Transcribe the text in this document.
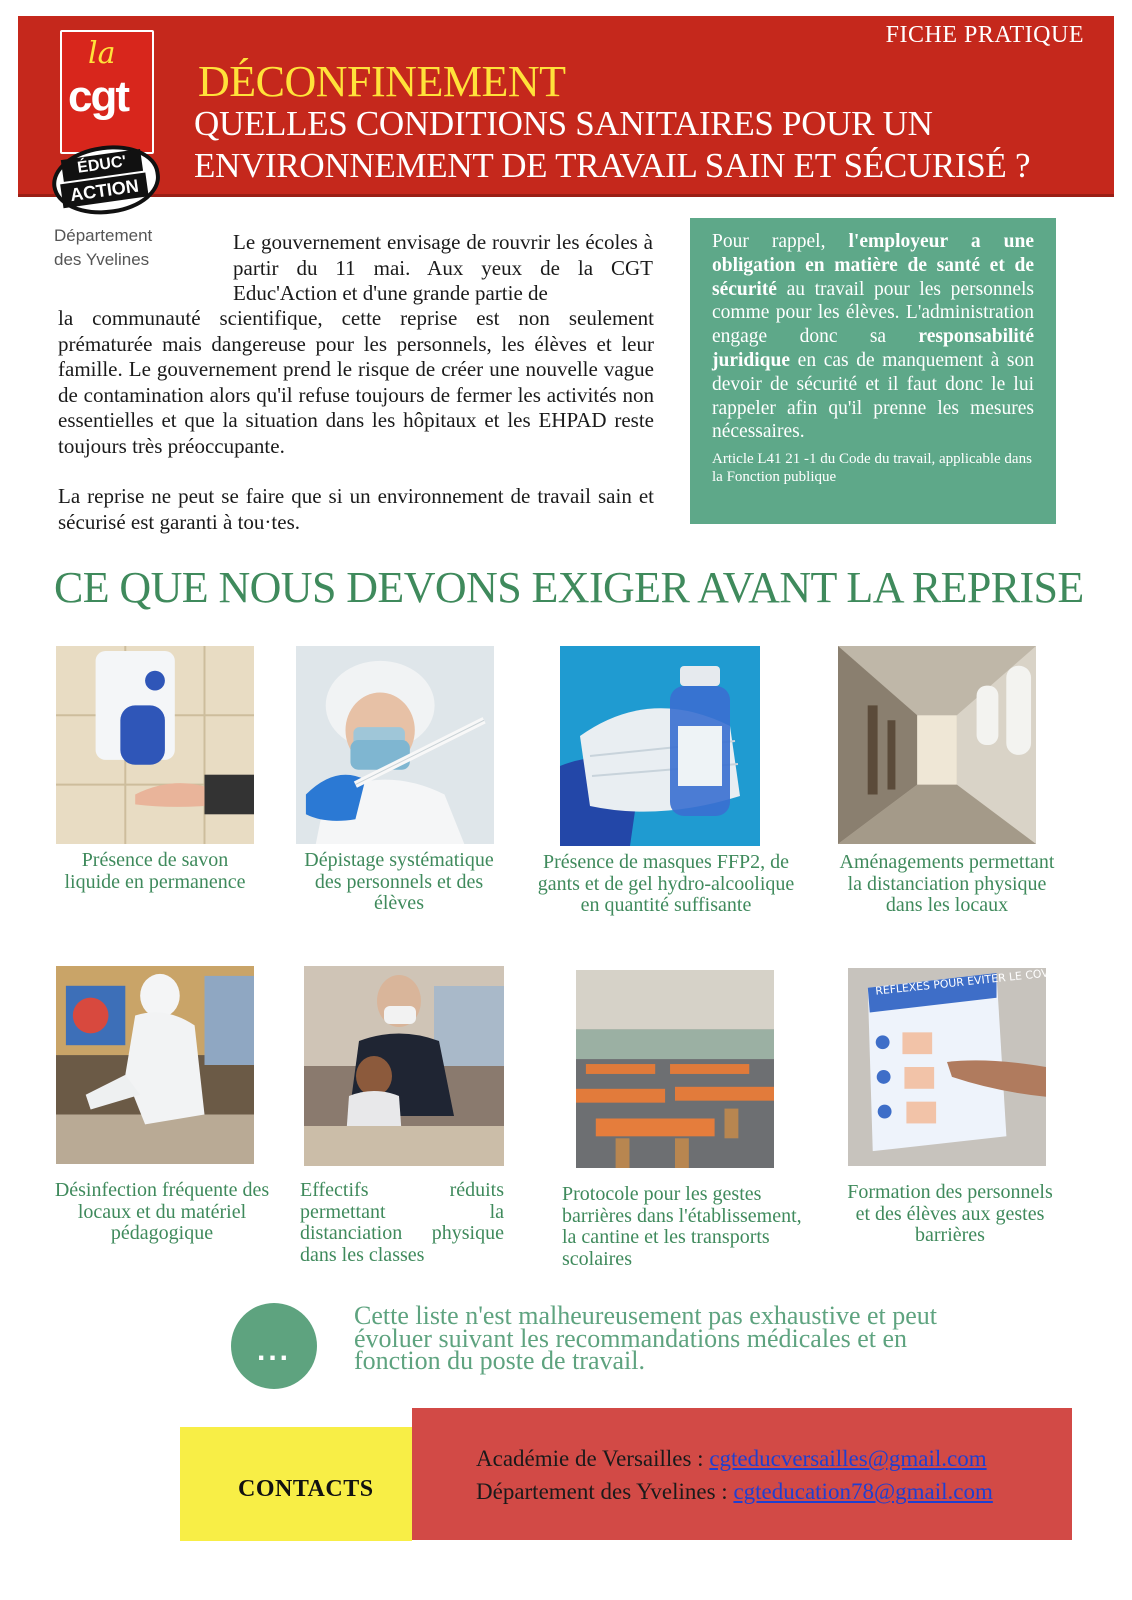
FICHE PRATIQUE
DÉCONFINEMENT
QUELLES CONDITIONS SANITAIRES POUR UN
ENVIRONNEMENT DE TRAVAIL SAIN ET SÉCURISÉ ?
la
cgt
ÉDUC'
ACTION
Département
des Yvelines
Le gouvernement envisage de rouvrir les écoles à partir du 11 mai. Aux yeux de la CGT Educ'Action et d'une grande partie de
la communauté scientifique, cette reprise est non seulement prématurée mais dangereuse pour les personnels, les élèves et leur famille. Le gouvernement prend le risque de créer une nouvelle vague de contamination alors qu'il refuse toujours de fermer les activités non essentielles et que la situation dans les hôpitaux et les EHPAD reste toujours très préoccupante.
La reprise ne peut se faire que si un environnement de travail sain et sécurisé est garanti à tou·tes.
Pour rappel, l'employeur a une obligation en matière de santé et de sécurité au travail pour les personnels comme pour les élèves. L'administration engage donc sa responsabilité juridique en cas de manquement à son devoir de sécurité et il faut donc le lui rappeler afin qu'il prenne les mesures nécessaires.
Article L41 21 -1 du Code du travail, applicable dans la Fonction publique
CE QUE NOUS DEVONS EXIGER AVANT LA REPRISE
Présence de savon liquide en permanence
Dépistage systématique des personnels et des élèves
Présence de masques FFP2, de gants et de gel hydro-alcoolique en quantité suffisante
Aménagements permettant la distanciation physique dans les locaux
Désinfection fréquente des locaux et du matériel pédagogique
Effectifs réduits permettant la distanciation physique dans les classes
Protocole pour les gestes barrières dans l'établissement, la cantine et les transports scolaires
REFLEXES POUR EVITER LE COVID-19 !
Formation des personnels et des élèves aux gestes barrières
...
Cette liste n'est malheureusement pas exhaustive et peut évoluer suivant les recommandations médicales et en fonction du poste de travail.
CONTACTS
Académie de Versailles : cgteducversailles@gmail.com
Département des Yvelines : cgteducation78@gmail.com
